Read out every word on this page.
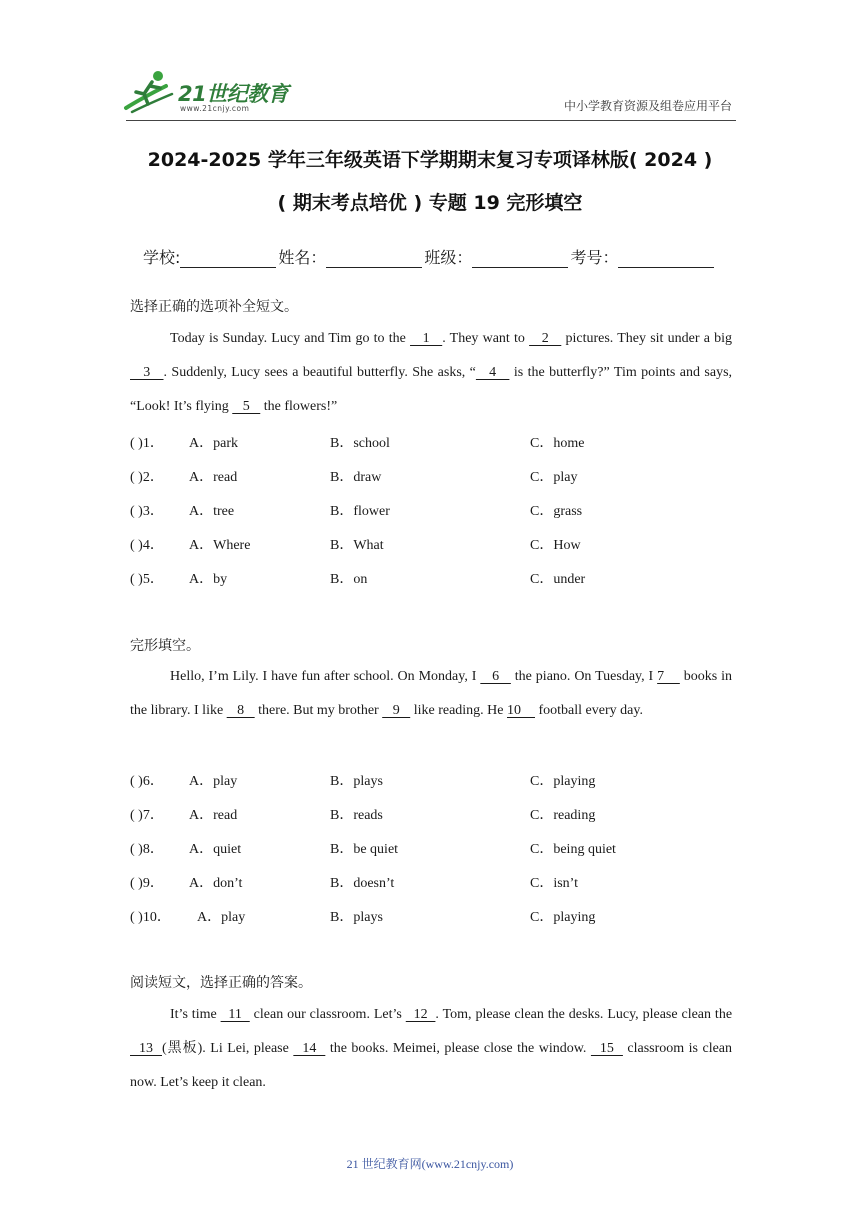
21世纪教育
www.21cnjy.com	中小学教育资源及组卷应用平台
2024-2025 学年三年级英语下学期期末复习专项译林版( 2024 )
( 期末考点培优 ) 专题 19 完形填空
学校:	姓名：	班级：	考号：
选择正确的选项补全短文。
Today is Sunday. Lucy and Tim go to the    1   . They want to    2    pictures. They sit under a big    3   . Suddenly, Lucy sees a beautiful butterfly. She asks, “   4    is the butterfly?” Tim points and says, “Look! It’s flying    5    the flowers!”
( )1． A．park	B．school	C．home
( )2． A．read	B．draw	C．play
( )3． A．tree	B．flower	C．grass
( )4． A．Where	B．What	C．How
( )5． A．by	B．on	C．under
完形填空。
Hello, I’m Lily. I have fun after school. On Monday, I    6    the piano. On Tuesday, I 7     books in the library. I like    8    there. But my brother    9    like reading. He 10     football every day.
( )6． A．play	B．plays	C．playing
( )7． A．read	B．reads	C．reading
( )8． A．quiet	B．be quiet	C．being quiet
( )9． A．don’t	B．doesn’t	C．isn’t
( )10． A．play	B．plays	C．playing
阅读短文，选择正确的答案。
It’s time   11   clean our classroom. Let’s   12  . Tom, please clean the desks. Lucy, please clean the   13  (黑板). Li Lei, please   14   the books. Meimei, please close the window.   15   classroom is clean now. Let’s keep it clean.
21 世纪教育网(www.21cnjy.com)
